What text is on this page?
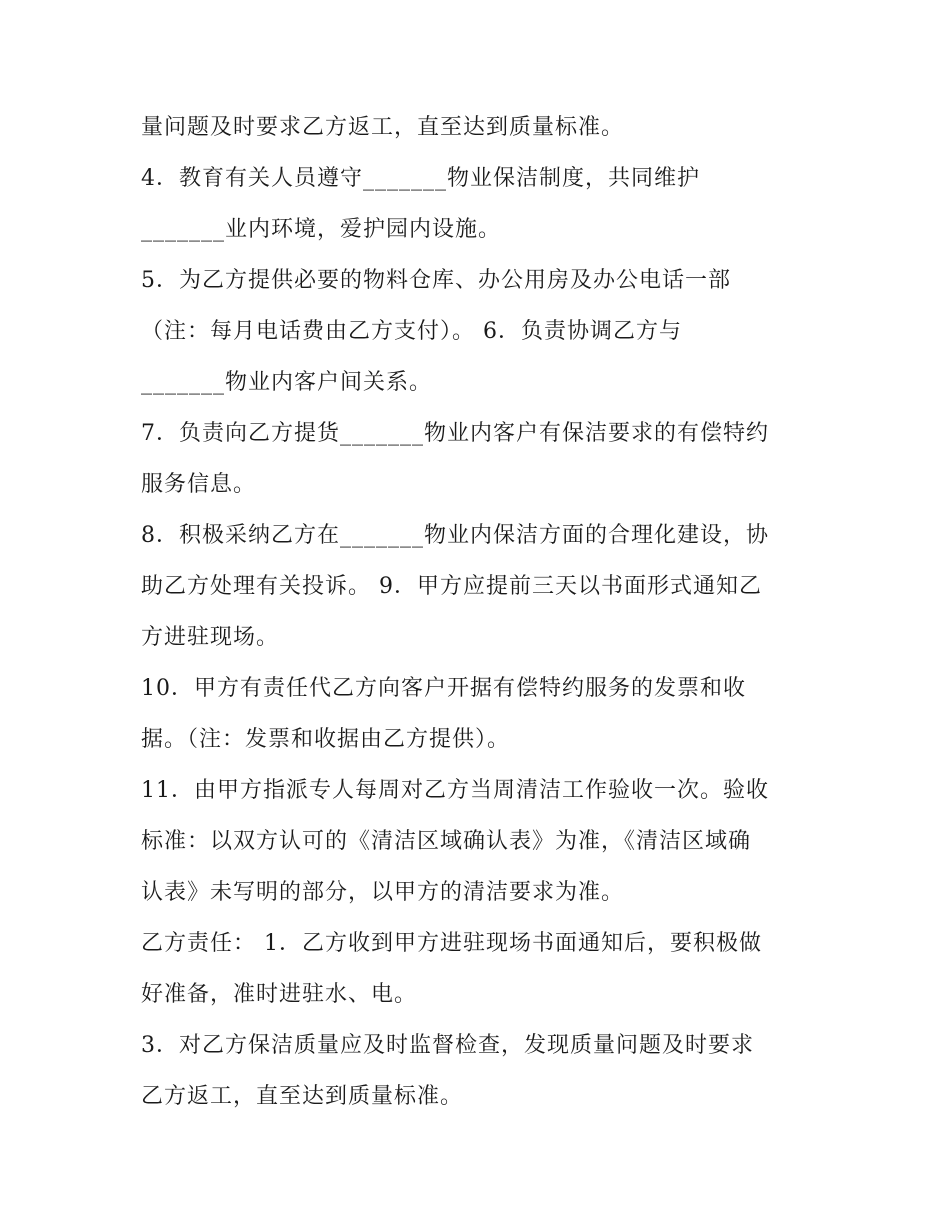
量问题及时要求乙方返工，直至达到质量标准。
4．教育有关人员遵守_______物业保洁制度，共同维护
_______业内环境，爱护园内设施。
5．为乙方提供必要的物料仓库、办公用房及办公电话一部
（注：每月电话费由乙方支付）。 6．负责协调乙方与
_______物业内客户间关系。
7．负责向乙方提货_______物业内客户有保洁要求的有偿特约
服务信息。
8．积极采纳乙方在_______物业内保洁方面的合理化建设，协
助乙方处理有关投诉。 9．甲方应提前三天以书面形式通知乙
方进驻现场。
10．甲方有责任代乙方向客户开据有偿特约服务的发票和收
据。（注：发票和收据由乙方提供）。
11．由甲方指派专人每周对乙方当周清洁工作验收一次。验收
标准：以双方认可的《清洁区域确认表》为准，《清洁区域确
认表》未写明的部分，以甲方的清洁要求为准。
乙方责任： 1．乙方收到甲方进驻现场书面通知后，要积极做
好准备，准时进驻水、电。
3．对乙方保洁质量应及时监督检查，发现质量问题及时要求
乙方返工，直至达到质量标准。
